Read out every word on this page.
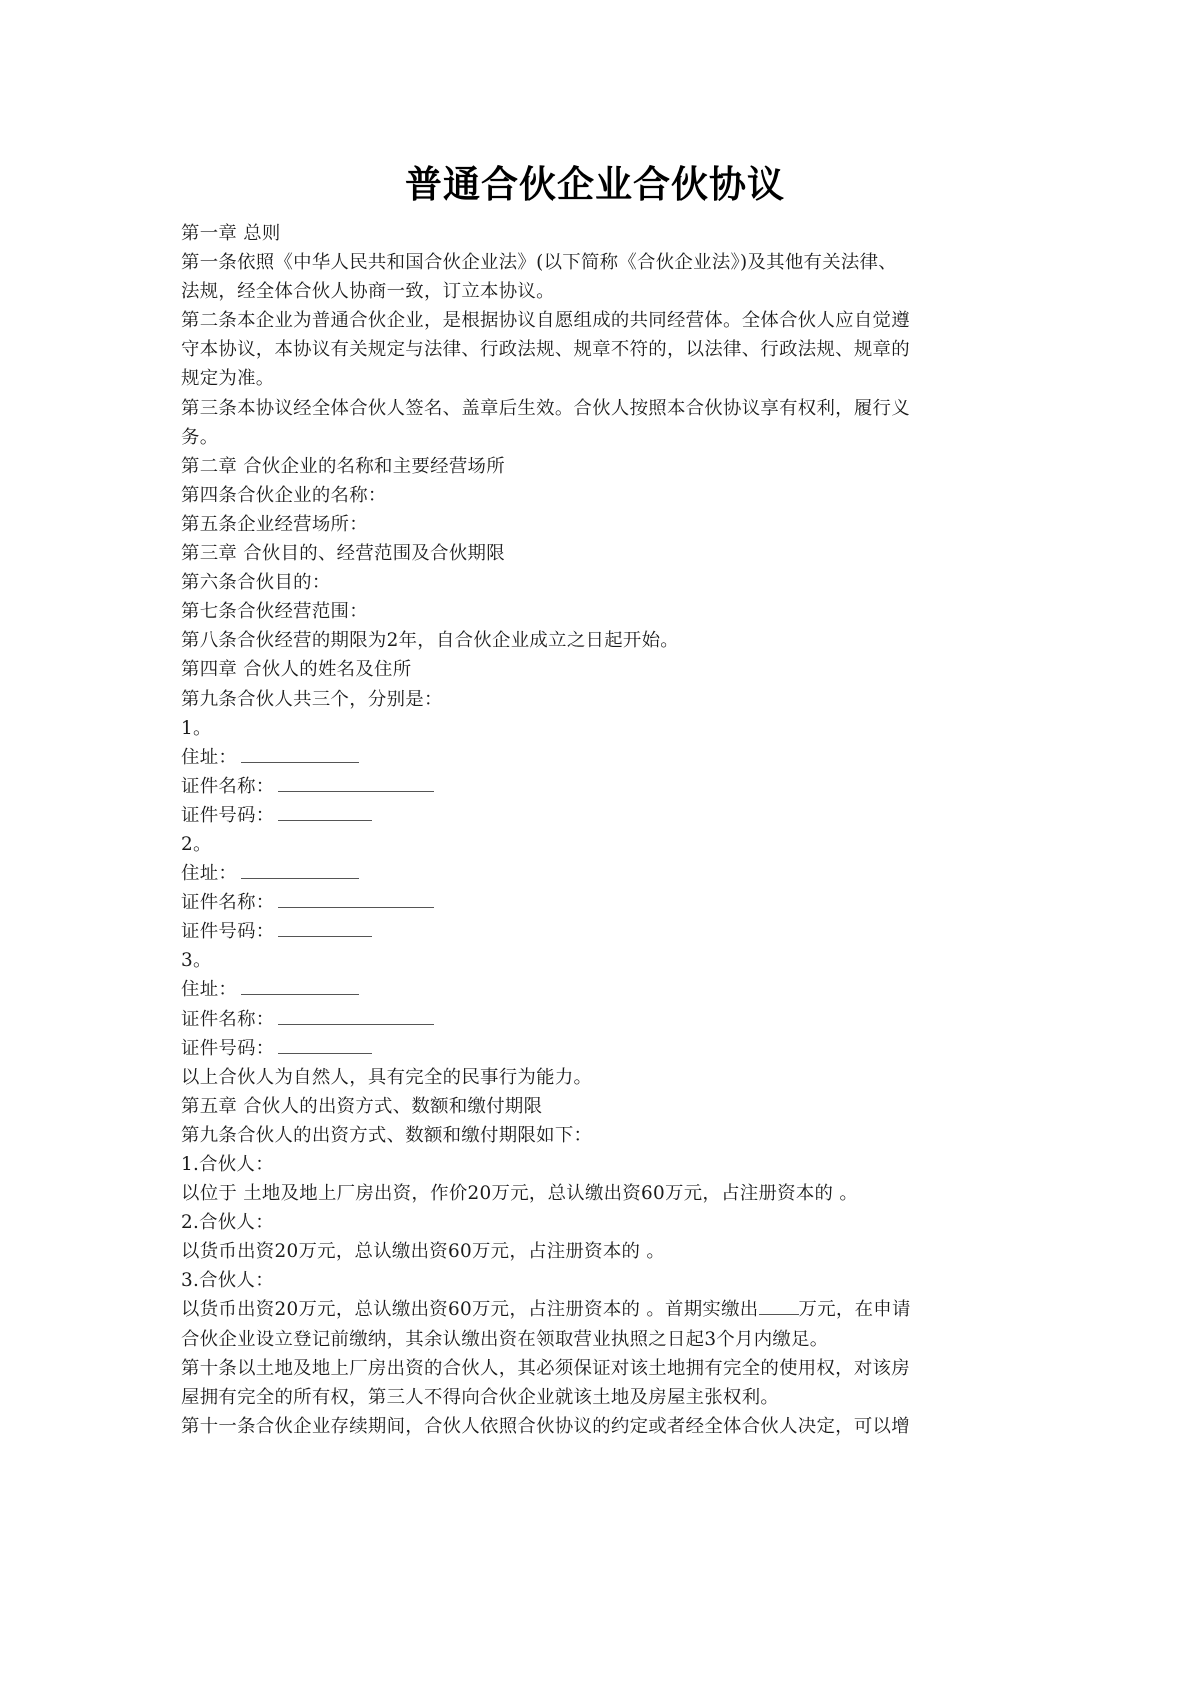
普通合伙企业合伙协议
第一章 总则
第一条依照《中华人民共和国合伙企业法》(以下简称《合伙企业法》)及其他有关法律、
法规，经全体合伙人协商一致，订立本协议。
第二条本企业为普通合伙企业，是根据协议自愿组成的共同经营体。全体合伙人应自觉遵
守本协议，本协议有关规定与法律、行政法规、规章不符的，以法律、行政法规、规章的
规定为准。
第三条本协议经全体合伙人签名、盖章后生效。合伙人按照本合伙协议享有权利，履行义
务。
第二章 合伙企业的名称和主要经营场所
第四条合伙企业的名称：
第五条企业经营场所：
第三章 合伙目的、经营范围及合伙期限
第六条合伙目的：
第七条合伙经营范围：
第八条合伙经营的期限为2年，自合伙企业成立之日起开始。
第四章 合伙人的姓名及住所
第九条合伙人共三个，分别是：
1。
住址：
证件名称：
证件号码：
2。
住址：
证件名称：
证件号码：
3。
住址：
证件名称：
证件号码：
以上合伙人为自然人，具有完全的民事行为能力。
第五章 合伙人的出资方式、数额和缴付期限
第九条合伙人的出资方式、数额和缴付期限如下：
1.合伙人：
以位于 土地及地上厂房出资，作价20万元，总认缴出资60万元，占注册资本的 。
2.合伙人：
以货币出资20万元，总认缴出资60万元，占注册资本的 。
3.合伙人：
以货币出资20万元，总认缴出资60万元，占注册资本的 。首期实缴出 万元，在申请
合伙企业设立登记前缴纳，其余认缴出资在领取营业执照之日起3个月内缴足。
第十条以土地及地上厂房出资的合伙人，其必须保证对该土地拥有完全的使用权，对该房
屋拥有完全的所有权，第三人不得向合伙企业就该土地及房屋主张权利。
第十一条合伙企业存续期间，合伙人依照合伙协议的约定或者经全体合伙人决定，可以增
